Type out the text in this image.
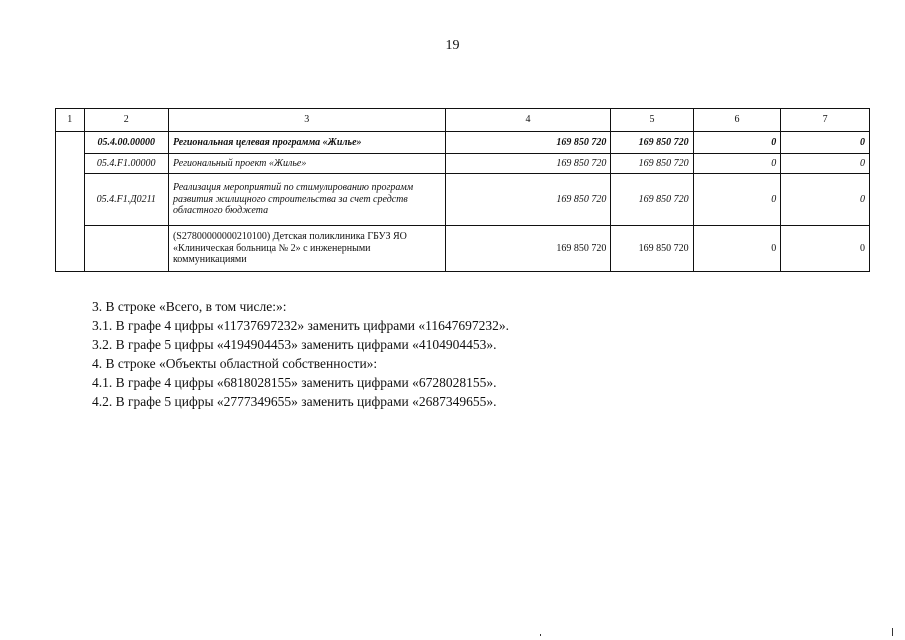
19
1	2	3	4	5	6	7
	05.4.00.00000	Региональная целевая программа «Жилье»	169 850 720	169 850 720	0	0
	05.4.F1.00000	Региональный проект «Жилье»	169 850 720	169 850 720	0	0
	05.4.F1.Д0211	Реализация мероприятий по стимулированию программ развития жилищного строительства за счет средств областного бюджета	169 850 720	169 850 720	0	0
		(S27800000000210100) Детская поликлиника ГБУЗ ЯО «Клиническая больница № 2» с инженерными коммуникациями	169 850 720	169 850 720	0	0
3. В строке «Всего, в том числе:»:
3.1. В графе 4 цифры «11737697232» заменить цифрами «11647697232».
3.2. В графе 5 цифры «4194904453» заменить цифрами «4104904453».
4. В строке «Объекты областной собственности»:
4.1. В графе 4 цифры «6818028155» заменить цифрами «6728028155».
4.2. В графе 5 цифры «2777349655» заменить цифрами «2687349655».
